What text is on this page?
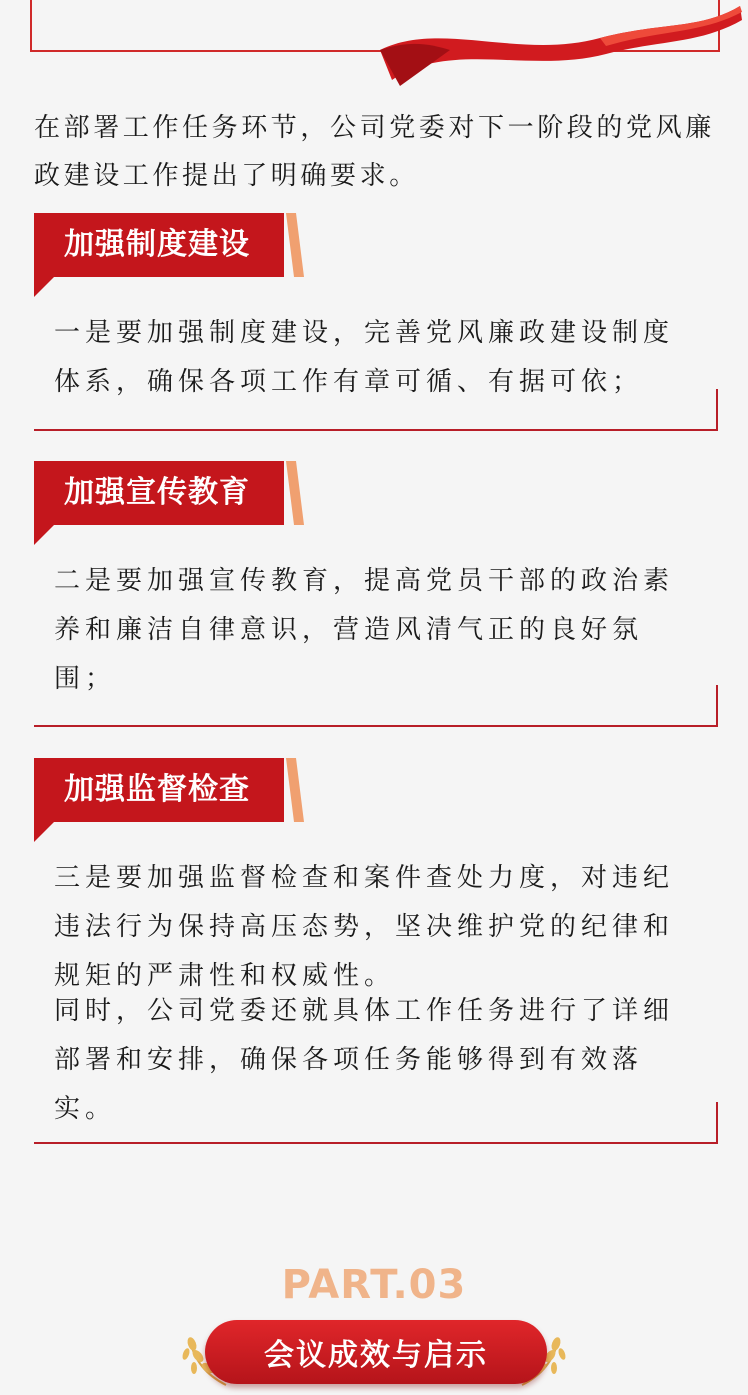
在部署工作任务环节，公司党委对下一阶段的党风廉政建设工作提出了明确要求。
加强制度建设
一是要加强制度建设，完善党风廉政建设制度体系，确保各项工作有章可循、有据可依；
加强宣传教育
二是要加强宣传教育，提高党员干部的政治素养和廉洁自律意识，营造风清气正的良好氛围；
加强监督检查
三是要加强监督检查和案件查处力度，对违纪违法行为保持高压态势，坚决维护党的纪律和规矩的严肃性和权威性。
同时，公司党委还就具体工作任务进行了详细部署和安排，确保各项任务能够得到有效落实。
PART.03
会议成效与启示
